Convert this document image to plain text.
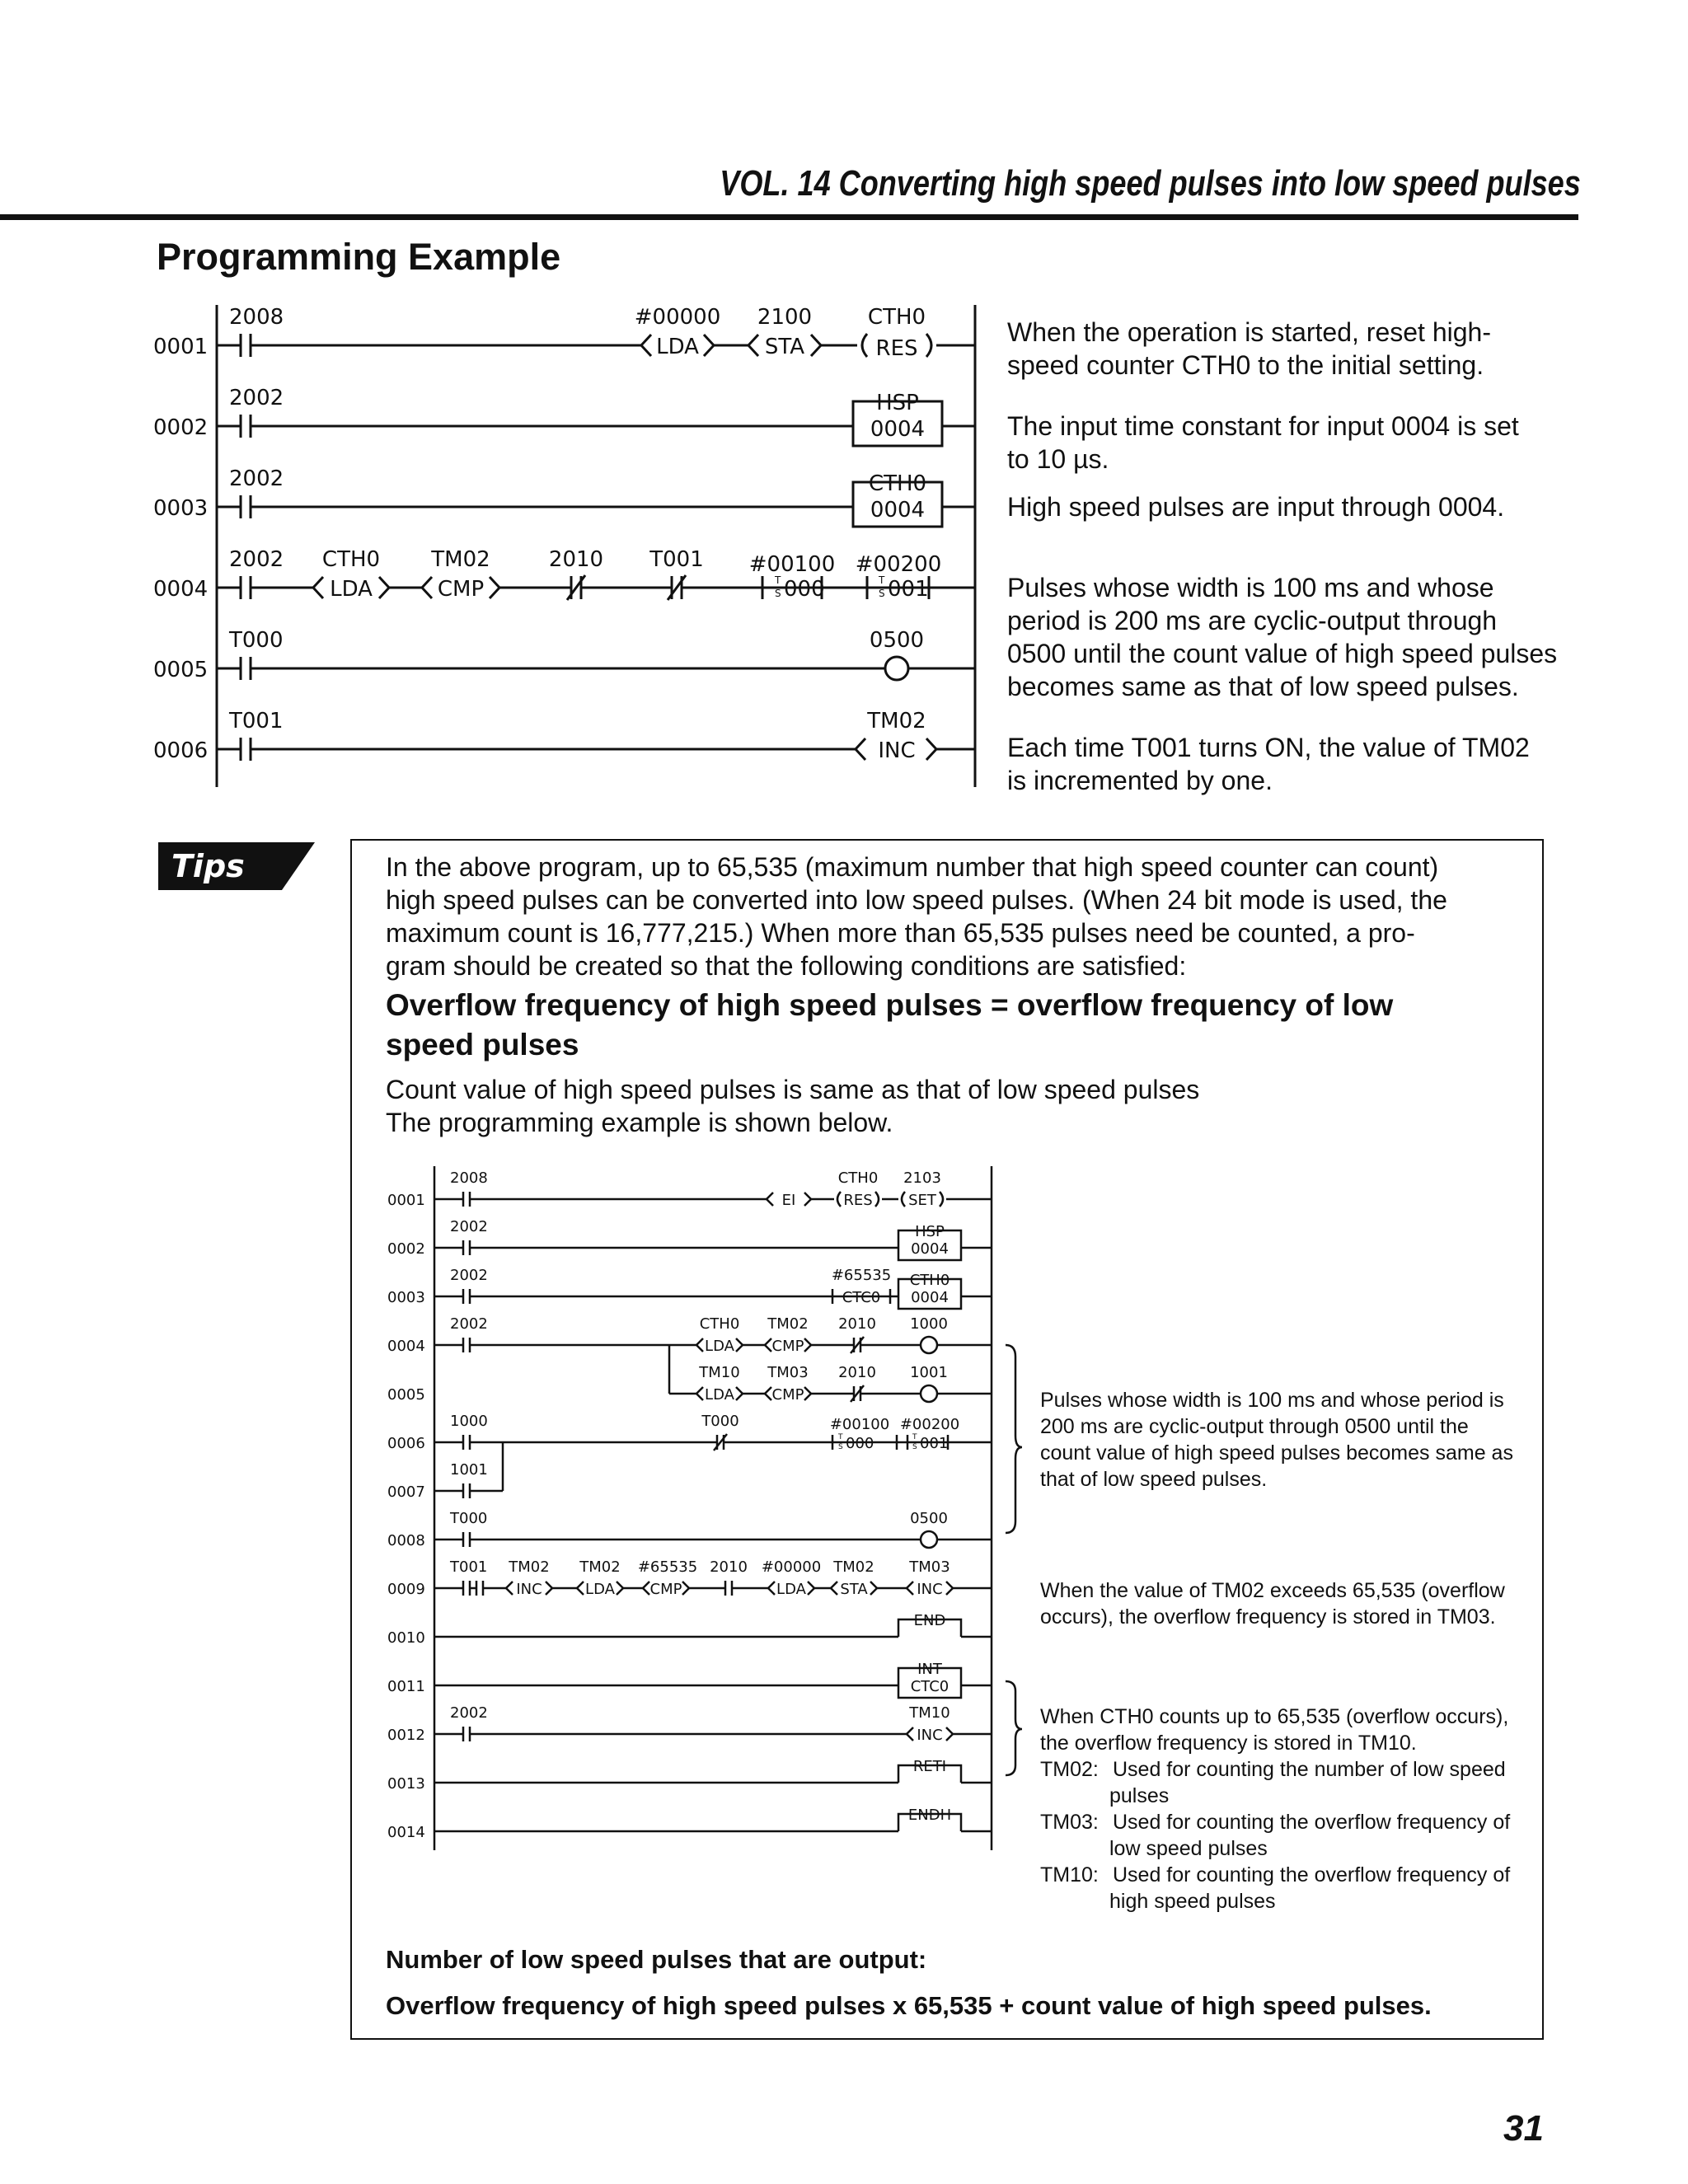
VOL. 14 Converting high speed pulses into low speed pulses
Programming Example
0001
2008	#00000
LDA
2100
STA
CTH0
RES
0002
2002	HSP
0004
0003
2002	CTH0
0004
0004
2002 CTH0
LDA
TM02
CMP
2010 T001 #00100
T
S 000
#00200
T
S 001
0005
T000	0500
0006
T001	TM02
INC
When the operation is started, reset high-
speed counter CTH0 to the initial setting.
The input time constant for input 0004 is set
to 10 µs.
High speed pulses are input through 0004.
Pulses whose width is 100 ms and whose
period is 200 ms are cyclic-output through
0500 until the count value of high speed pulses
becomes same as that of low speed pulses.
Each time T001 turns ON, the value of TM02
is incremented by one.
Tips	In the above program, up to 65,535 (maximum number that high speed counter can count)
high speed pulses can be converted into low speed pulses. (When 24 bit mode is used, the
maximum count is 16,777,215.) When more than 65,535 pulses need be counted, a pro-
gram should be created so that the following conditions are satisfied:
Overflow frequency of high speed pulses = overflow frequency of low
speed pulses
Count value of high speed pulses is same as that of low speed pulses
The programming example is shown below.
0001
2008
EI
CTH0
RES
2103
SET
0002
2002	HSP
0004
0003
2002	#65535
CTC0
CTH0
0004
0004
2002	CTH0
LDA
TM02
CMP
2010 1000
0005
TM10
LDA
TM03
CMP
2010 1001
0006
1000	T000	#00100
T
S 000
#00200
T
S 001
0007
1001
0008
T000	0500
0009
T001 TM02
INC
TM02
LDA
#65535
CMP
2010 #00000
LDA
TM02
STA
TM03
INC
0010
END
0011
INT
CTC0
0012
2002	TM10
INC
0013
RETI
0014
ENDH
Pulses whose width is 100 ms and whose period is
200 ms are cyclic-output through 0500 until the
count value of high speed pulses becomes same as
that of low speed pulses.
When the value of TM02 exceeds 65,535 (overflow
occurs), the overflow frequency is stored in TM03.
When CTH0 counts up to 65,535 (overflow occurs),
the overflow frequency is stored in TM10.
TM02: Used for counting the number of low speed
pulses
TM03: Used for counting the overflow frequency of
low speed pulses
TM10: Used for counting the overflow frequency of
high speed pulses
Number of low speed pulses that are output:
Overflow frequency of high speed pulses x 65,535 + count value of high speed pulses.
31
